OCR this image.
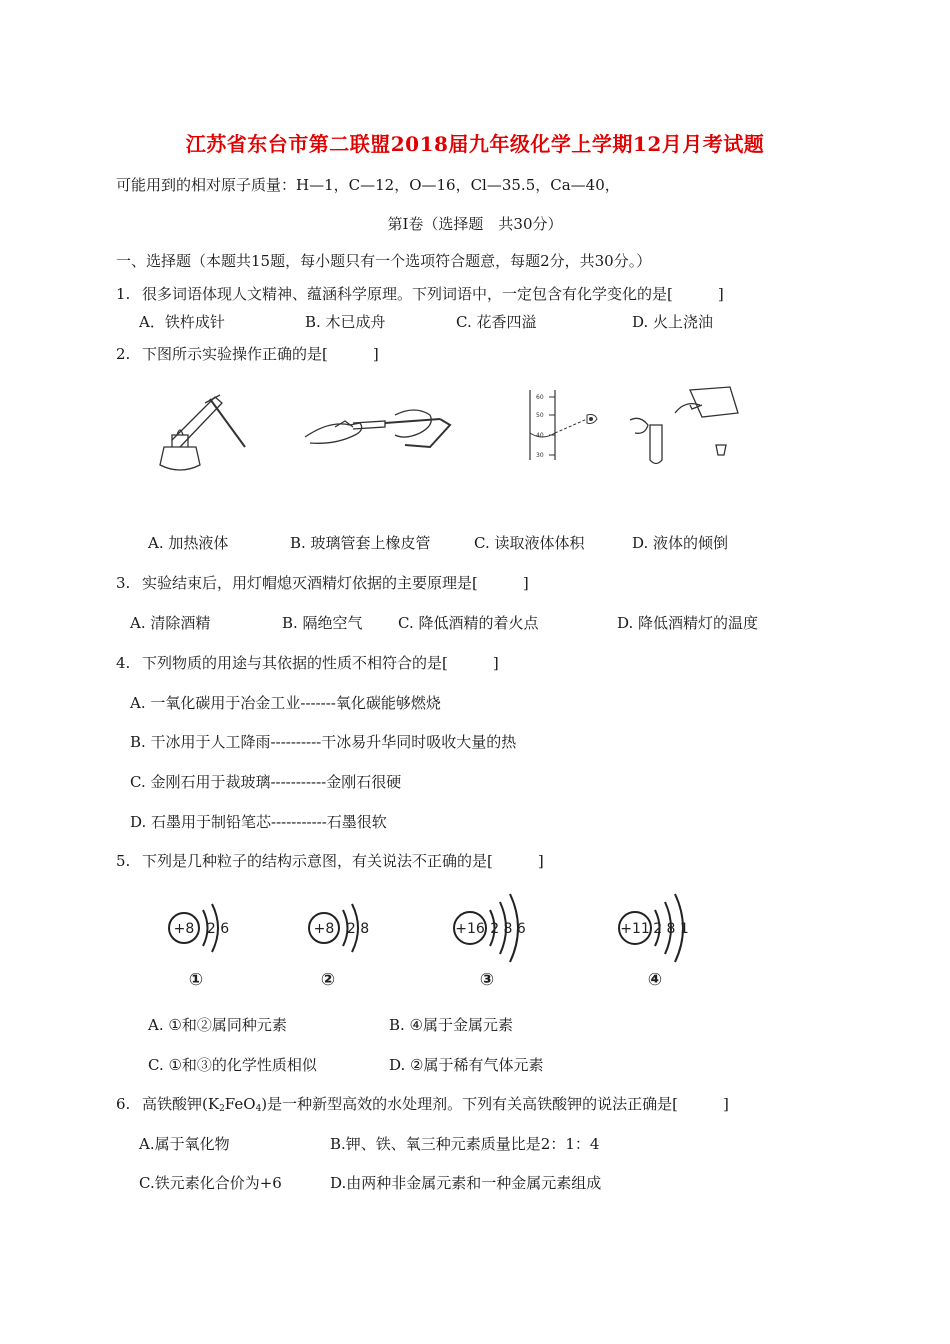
江苏省东台市第二联盟2018届九年级化学上学期12月月考试题
可能用到的相对原子质量：H—1，C—12，O—16，Cl—35.5，Ca—40，
第Ⅰ卷（选择题　共30分）
一、选择题（本题共15题，每小题只有一个选项符合题意，每题2分，共30分。）
1. 很多词语体现人文精神、蕴涵科学原理。下列词语中，一定包含有化学变化的是[　　　]
A．铁杵成针	B. 木已成舟	C. 花香四溢	D. 火上浇油
2. 下图所示实验操作正确的是[　　　]
60
50
40
30
A. 加热液体	B. 玻璃管套上橡皮管	C. 读取液体体积	D. 液体的倾倒
3. 实验结束后，用灯帽熄灭酒精灯依据的主要原理是[　　　]
A. 清除酒精	B. 隔绝空气 C. 降低酒精的着火点	D. 降低酒精灯的温度
4. 下列物质的用途与其依据的性质不相符合的是[　　　]
A. 一氧化碳用于冶金工业-------氧化碳能够燃烧
B. 干冰用于人工降雨----------干冰易升华同时吸收大量的热
C. 金刚石用于裁玻璃-----------金刚石很硬
D. 石墨用于制铅笔芯-----------石墨很软
5. 下列是几种粒子的结构示意图，有关说法不正确的是[　　　]
+8 2 6
①
+8 2 8
②
+16 2 8 6
③
+11 2 8 1
④
A. ①和②属同种元素	B. ④属于金属元素
C. ①和③的化学性质相似	D. ②属于稀有气体元素
6. 高铁酸钾$(K_2FeO_4)$是一种新型高效的水处理剂。下列有关高铁酸钾的说法正确是[　　　]
A.属于氧化物	B.钾、铁、氧三种元素质量比是2：1：4
C.铁元素化合价为+6	D.由两种非金属元素和一种金属元素组成
